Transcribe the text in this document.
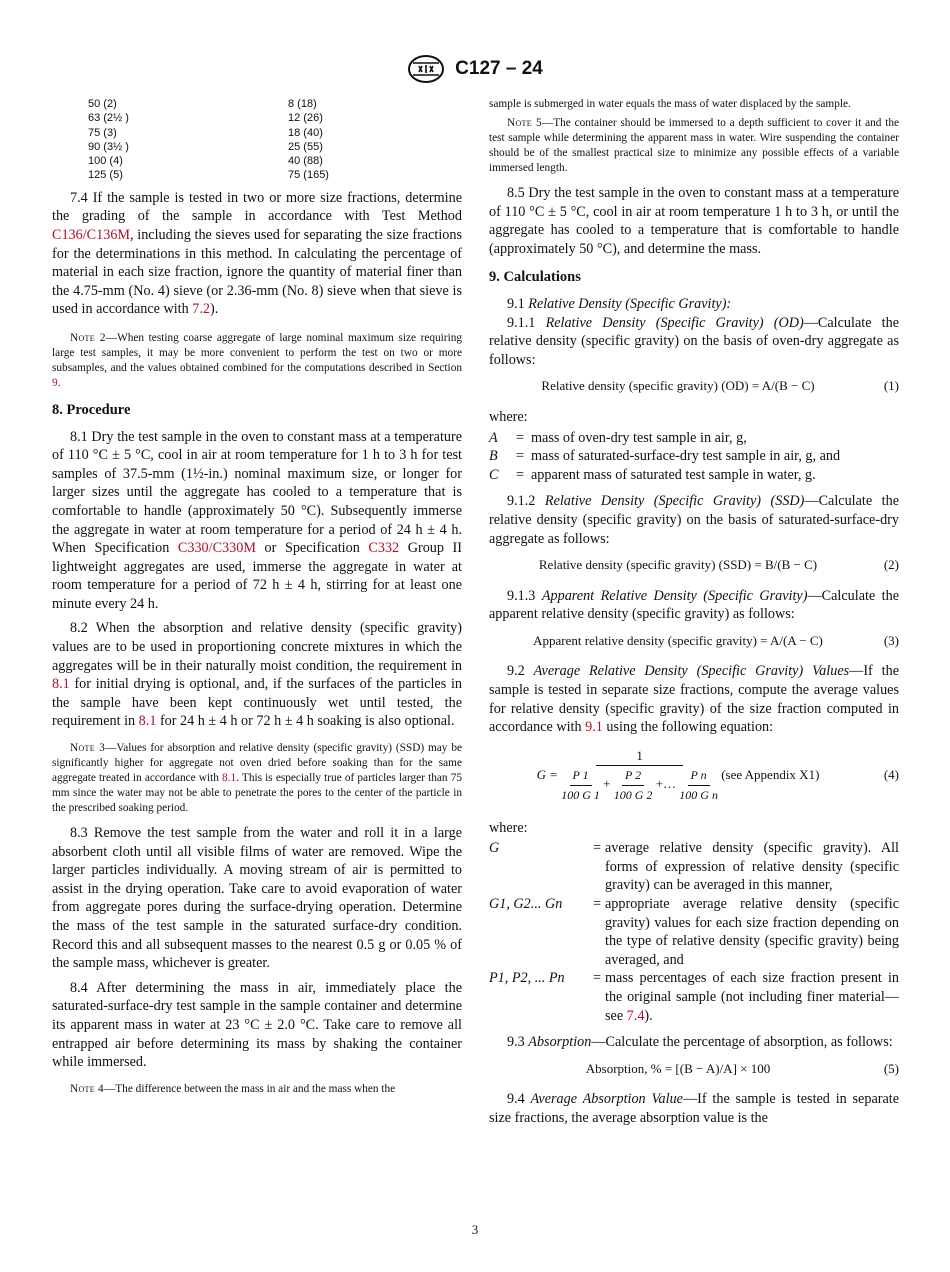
C127 – 24
50 (2)	8 (18)
63 (2½ )	12 (26)
75 (3)	18 (40)
90 (3½ )	25 (55)
100 (4)	40 (88)
125 (5)	75 (165)

7.4 If the sample is tested in two or more size fractions, determine the grading of the sample in accordance with Test Method C136/C136M, including the sieves used for separating the size fractions for the determinations in this method. In calculating the percentage of material in each size fraction, ignore the quantity of material finer than the 4.75-mm (No. 4) sieve (or 2.36-mm (No. 8) sieve when that sieve is used in accordance with 7.2).

Note 2—When testing coarse aggregate of large nominal maximum size requiring large test samples, it may be more convenient to perform the test on two or more subsamples, and the values obtained combined for the computations described in Section 9.

8. Procedure

8.1 Dry the test sample in the oven to constant mass at a temperature of 110 °C ± 5 °C, cool in air at room temperature for 1 h to 3 h for test samples of 37.5-mm (1½-in.) nominal maximum size, or longer for larger sizes until the aggregate has cooled to a temperature that is comfortable to handle (approximately 50 °C). Subsequently immerse the aggregate in water at room temperature for a period of 24 h ± 4 h. When Specification C330/C330M or Specification C332 Group II lightweight aggregates are used, immerse the aggregate in water at room temperature for a period of 72 h ± 4 h, stirring for at least one minute every 24 h.

8.2 When the absorption and relative density (specific gravity) values are to be used in proportioning concrete mixtures in which the aggregates will be in their naturally moist condition, the requirement in 8.1 for initial drying is optional, and, if the surfaces of the particles in the sample have been kept continuously wet until tested, the requirement in 8.1 for 24 h ± 4 h or 72 h ± 4 h soaking is also optional.

Note 3—Values for absorption and relative density (specific gravity) (SSD) may be significantly higher for aggregate not oven dried before soaking than for the same aggregate treated in accordance with 8.1. This is especially true of particles larger than 75 mm since the water may not be able to penetrate the pores to the center of the particle in the prescribed soaking period.

8.3 Remove the test sample from the water and roll it in a large absorbent cloth until all visible films of water are removed. Wipe the larger particles individually. A moving stream of air is permitted to assist in the drying operation. Take care to avoid evaporation of water from aggregate pores during the surface-drying operation. Determine the mass of the test sample in the saturated surface-dry condition. Record this and all subsequent masses to the nearest 0.5 g or 0.05 % of the sample mass, whichever is greater.

8.4 After determining the mass in air, immediately place the saturated-surface-dry test sample in the sample container and determine its apparent mass in water at 23 °C ± 2.0 °C. Take care to remove all entrapped air before determining its mass by shaking the container while immersed.

Note 4—The difference between the mass in air and the mass when the

sample is submerged in water equals the mass of water displaced by the sample.

Note 5—The container should be immersed to a depth sufficient to cover it and the test sample while determining the apparent mass in water. Wire suspending the container should be of the smallest practical size to minimize any possible effects of a variable immersed length.

8.5 Dry the test sample in the oven to constant mass at a temperature of 110 °C ± 5 °C, cool in air at room temperature 1 h to 3 h, or until the aggregate has cooled to a temperature that is comfortable to handle (approximately 50 °C), and determine the mass.

9. Calculations

9.1 Relative Density (Specific Gravity):

9.1.1 Relative Density (Specific Gravity) (OD)—Calculate the relative density (specific gravity) on the basis of oven-dry aggregate as follows:

Relative density (specific gravity) (OD) = A/(B − C)	(1)
where:
A	= mass of oven-dry test sample in air, g,
B	= mass of saturated-surface-dry test sample in air, g, and
C	= apparent mass of saturated test sample in water, g.

9.1.2 Relative Density (Specific Gravity) (SSD)—Calculate the relative density (specific gravity) on the basis of saturated-surface-dry aggregate as follows:

Relative density (specific gravity) (SSD) = B/(B − C)	(2)

9.1.3 Apparent Relative Density (Specific Gravity)—Calculate the apparent relative density (specific gravity) as follows:

Apparent relative density (specific gravity) = A/(A − C)	(3)

9.2 Average Relative Density (Specific Gravity) Values—If the sample is tested in separate size fractions, compute the average values for relative density (specific gravity) of the size fraction computed in accordance with 9.1 using the following equation:

G =
1
$\frac{P 1}{100 G 1} + \frac{P 2}{100 G 2}$ +… $\frac{\text{P n}}{\text{100 G n}} (see$ Appendix X1)	(4)
where:
G	= average relative density (specific gravity). All forms of expression of relative density (specific gravity) can be averaged in this manner,
G1, G2... Gn	= appropriate average relative density (specific gravity) values for each size fraction depending on the type of relative density (specific gravity) being averaged, and
P1, P2, ... Pn	= mass percentages of each size fraction present in the original sample (not including finer material—see 7.4).

9.3 Absorption—Calculate the percentage of absorption, as follows:

Absorption, % = [(B − A)/A] × 100	(5)

9.4 Average Absorption Value—If the sample is tested in separate size fractions, the average absorption value is the

3
